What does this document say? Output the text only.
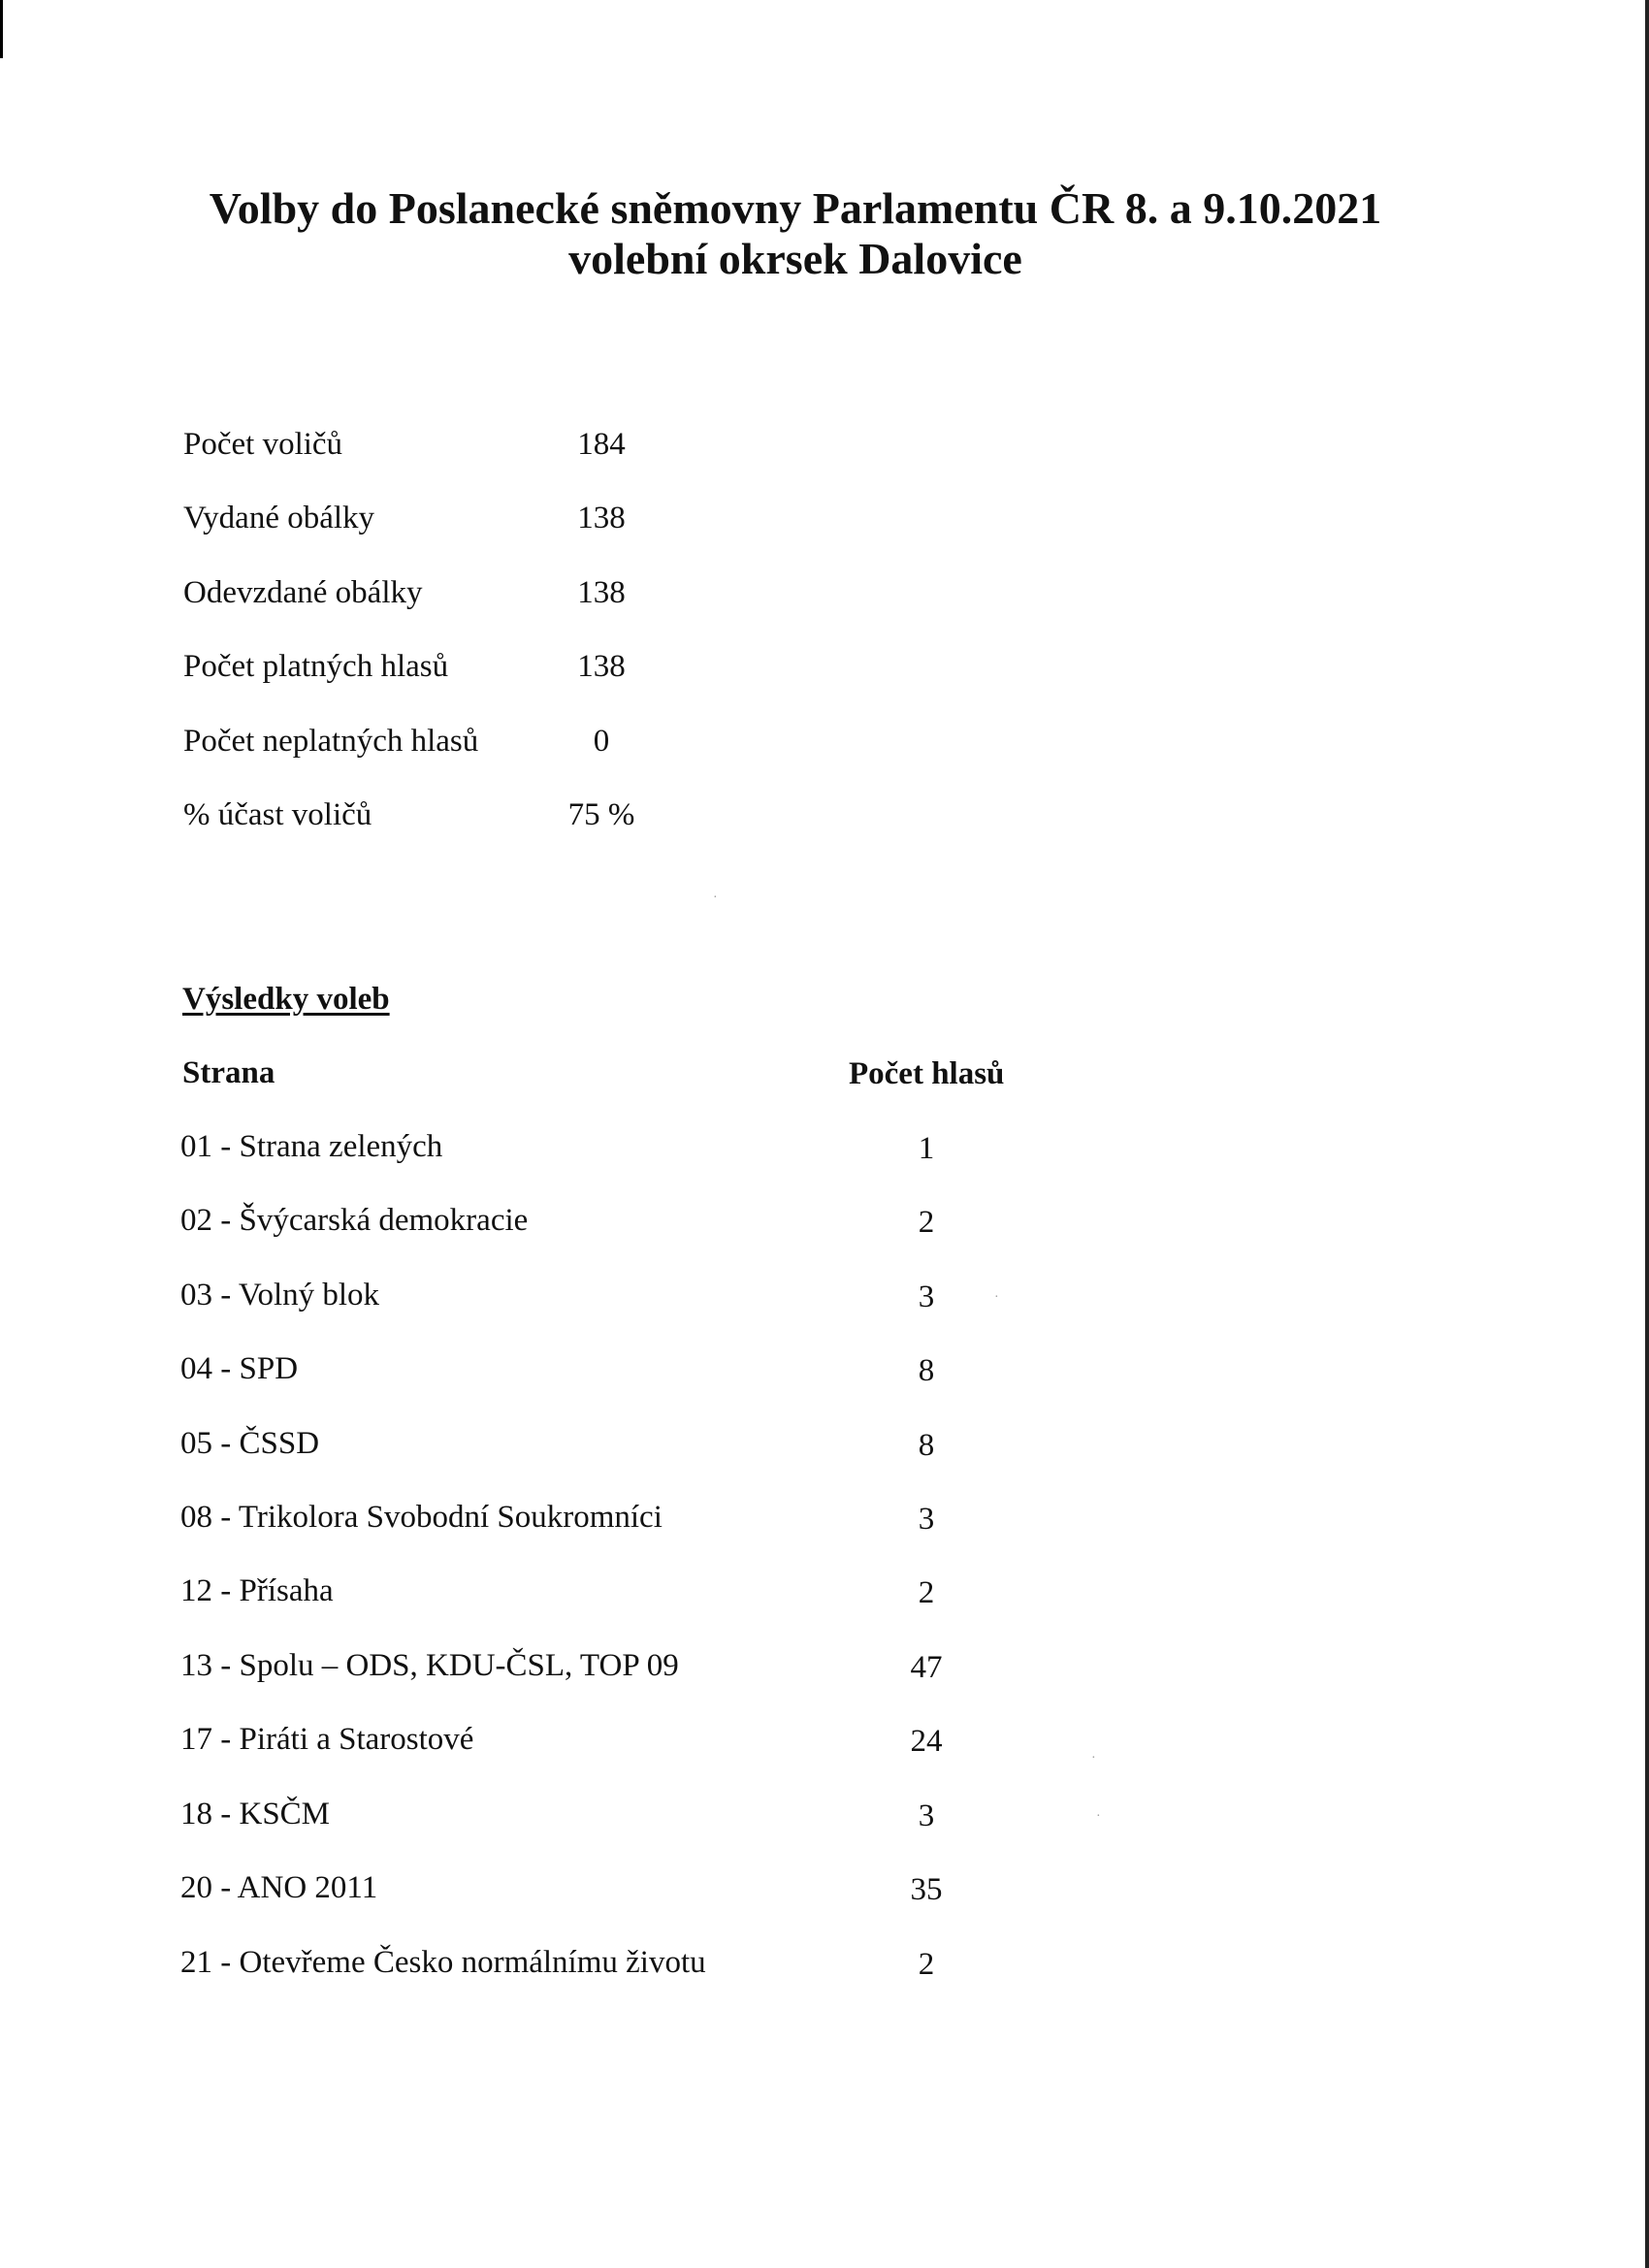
Volby do Poslanecké sněmovny Parlamentu ČR 8. a 9.10.2021
volební okrsek Dalovice
Počet voličů	184
Vydané obálky	138
Odevzdané obálky	138
Počet platných hlasů	138
Počet neplatných hlasů	0
% účast voličů	75 %
Výsledky voleb
Strana	Počet hlasů
01 - Strana zelených	1
02 - Švýcarská demokracie	2
03 - Volný blok	3
04 - SPD	8
05 - ČSSD	8
08 - Trikolora Svobodní Soukromníci	3
12 - Přísaha	2
13 - Spolu – ODS, KDU-ČSL, TOP 09	47
17 - Piráti a Starostové	24
18 - KSČM	3
20 - ANO 2011	35
21 - Otevřeme Česko normálnímu životu	2
·
·
·
·
